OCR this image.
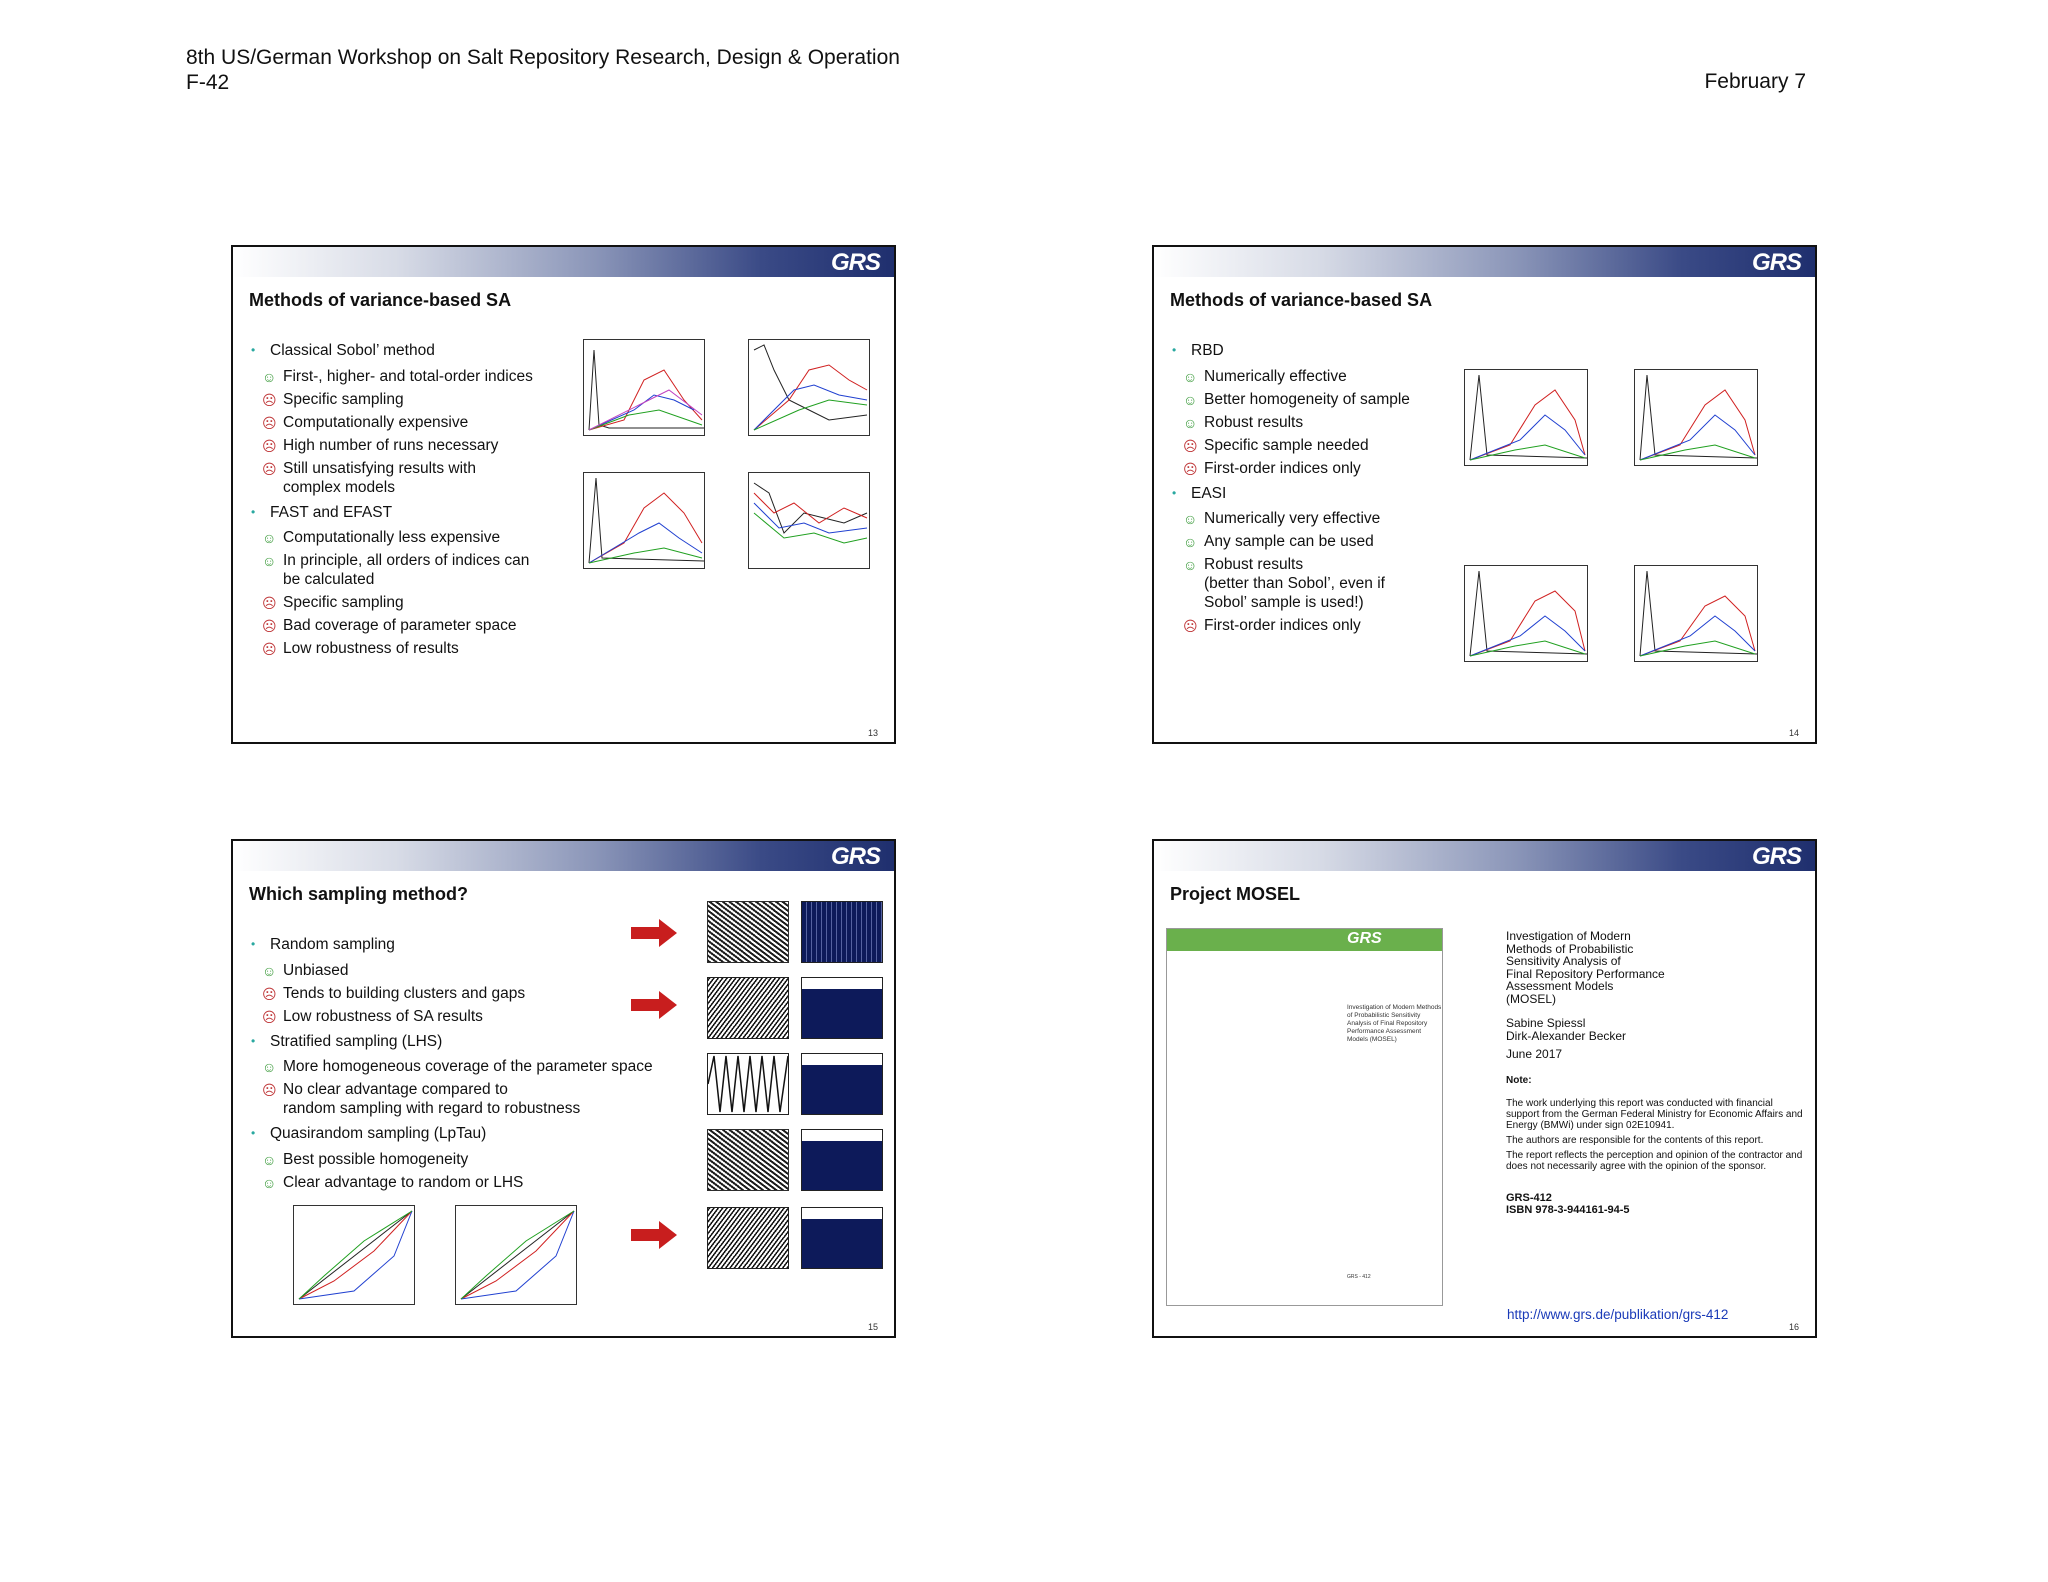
8th US/German Workshop on Salt Repository Research, Design & Operation
F-42	February 7
GRS
Methods of variance-based SA
• Classical Sobol’ method
☺ First-, higher- and total-order indices
☹ Specific sampling
☹ Computationally expensive
☹ High number of runs necessary
☹ Still unsatisfying results with
complex models
• FAST and EFAST
☺ Computationally less expensive
☺ In principle, all orders of indices can
be calculated
☹ Specific sampling
☹ Bad coverage of parameter space
☹ Low robustness of results
13
GRS
Methods of variance-based SA
• RBD
☺ Numerically effective
☺ Better homogeneity of sample
☺ Robust results
☹ Specific sample needed
☹ First-order indices only
• EASI
☺ Numerically very effective
☺ Any sample can be used
☺ Robust results
(better than Sobol’, even if
Sobol’ sample is used!)
☹ First-order indices only
14
GRS
Which sampling method?
• Random sampling
☺ Unbiased
☹ Tends to building clusters and gaps
☹ Low robustness of SA results
• Stratified sampling (LHS)
☺ More homogeneous coverage of the parameter space
☹ No clear advantage compared to
random sampling with regard to robustness
• Quasirandom sampling (LpTau)
☺ Best possible homogeneity
☺ Clear advantage to random or LHS
15
GRS
Project MOSEL
GRS
Investigation of Modern Methods of Probabilistic Sensitivity Analysis of Final Repository Performance Assessment Models (MOSEL)
GRS - 412
Investigation of Modern
Methods of Probabilistic
Sensitivity Analysis of
Final Repository Performance
Assessment Models
(MOSEL)
Sabine Spiessl
Dirk-Alexander Becker
June 2017
Note:
The work underlying this report was conducted with financial support from the German Federal Ministry for Economic Affairs and Energy (BMWi) under sign 02E10941.
The authors are responsible for the contents of this report.
The report reflects the perception and opinion of the contractor and does not necessarily agree with the opinion of the sponsor.
GRS-412
ISBN 978-3-944161-94-5
http://www.grs.de/publikation/grs-412
16
